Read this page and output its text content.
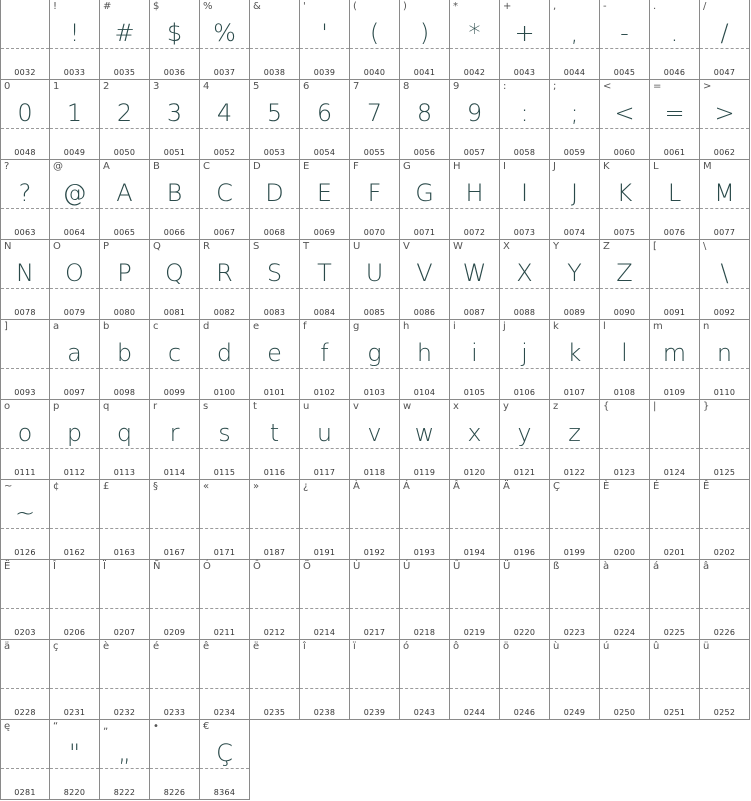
0032
!
!
0033
#
#
0035
$
$
0036
%
%
0037
&
0038
'
'
0039
(
(
0040
)
)
0041
*
*
0042
+
+
0043
,
,
0044
-
-
0045
.
.
0046
/
/
0047
0
0
0048
1
1
0049
2
2
0050
3
3
0051
4
4
0052
5
5
0053
6
6
0054
7
7
0055
8
8
0056
9
9
0057
:
:
0058
;
;
0059
<
<
0060
=
=
0061
>
>
0062
?
?
0063
@
@
0064
A
A
0065
B
B
0066
C
C
0067
D
D
0068
E
E
0069
F
F
0070
G
G
0071
H
H
0072
I
I
0073
J
J
0074
K
K
0075
L
L
0076
M
M
0077
N
N
0078
O
O
0079
P
P
0080
Q
Q
0081
R
R
0082
S
S
0083
T
T
0084
U
U
0085
V
V
0086
W
W
0087
X
X
0088
Y
Y
0089
Z
Z
0090
[
0091
\
\
0092
]
0093
a
a
0097
b
b
0098
c
c
0099
d
d
0100
e
e
0101
f
f
0102
g
g
0103
h
h
0104
i
i
0105
j
j
0106
k
k
0107
l
l
0108
m
m
0109
n
n
0110
o
o
0111
p
p
0112
q
q
0113
r
r
0114
s
s
0115
t
t
0116
u
u
0117
v
v
0118
w
w
0119
x
x
0120
y
y
0121
z
z
0122
{
0123
|
0124
}
0125
~
~
0126
¢
0162
£
0163
§
0167
«
0171
»
0187
¿
0191
À
0192
Á
0193
Â
0194
Ä
0196
Ç
0199
È
0200
É
0201
Ê
0202
Ë
0203
Î
0206
Ï
0207
Ñ
0209
Ó
0211
Ô
0212
Ö
0214
Ù
0217
Ú
0218
Û
0219
Ü
0220
ß
0223
à
0224
á
0225
â
0226
ä
0228
ç
0231
è
0232
é
0233
ê
0234
ë
0235
î
0238
ï
0239
ó
0243
ô
0244
ö
0246
ù
0249
ú
0250
û
0251
ü
0252
ę
0281
“
"
8220
„
„
8222
•
8226
€
Ç
8364
